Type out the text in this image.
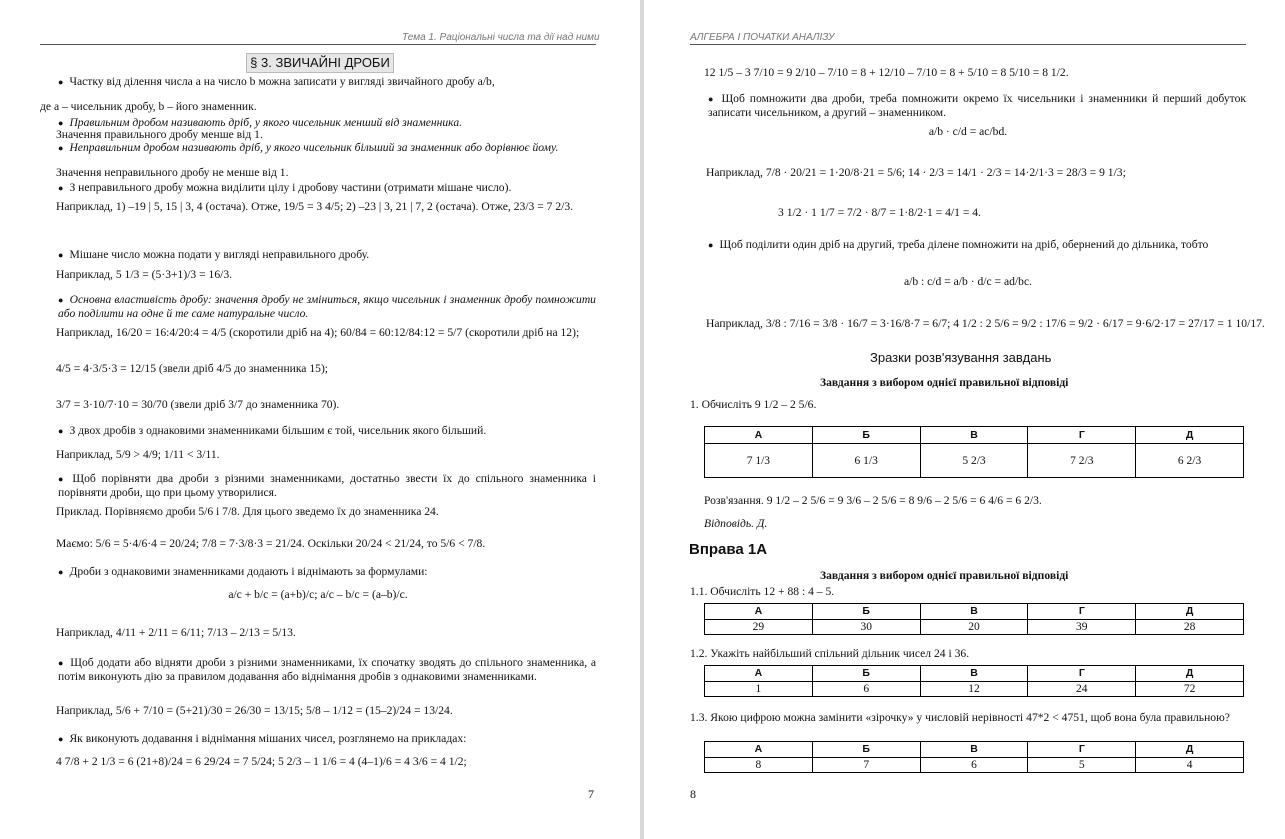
Тема 1. Раціональні числа та дії над ними
§ 3. ЗВИЧАЙНІ ДРОБИ
● Частку від ділення числа a на число b можна записати у вигляді звичайного дробу a/b,
де a – чисельник дробу, b – його знаменник.
● Правильним дробом називають дріб, у якого чисельник менший від знаменника.
Значення правильного дробу менше від 1.
● Неправильним дробом називають дріб, у якого чисельник більший за знаменник або дорівнює йому.
Значення неправильного дробу не менше від 1.
● З неправильного дробу можна виділити цілу і дробову частини (отримати мішане число).
Наприклад, 1) –19 | 5, 15 | 3, 4 (остача). Отже, 19/5 = 3 4/5; 2) –23 | 3, 21 | 7, 2 (остача). Отже, 23/3 = 7 2/3.
● Мішане число можна подати у вигляді неправильного дробу.
Наприклад, 5 1/3 = (5·3+1)/3 = 16/3.
● Основна властивість дробу: значення дробу не зміниться, якщо чисельник і знаменник дробу помножити або поділити на одне й те саме натуральне число.
Наприклад, 16/20 = 16:4/20:4 = 4/5 (скоротили дріб на 4); 60/84 = 60:12/84:12 = 5/7 (скоротили дріб на 12);
4/5 = 4·3/5·3 = 12/15 (звели дріб 4/5 до знаменника 15);
3/7 = 3·10/7·10 = 30/70 (звели дріб 3/7 до знаменника 70).
● З двох дробів з однаковими знаменниками більшим є той, чисельник якого більший.
Наприклад, 5/9 > 4/9; 1/11 < 3/11.
● Щоб порівняти два дроби з різними знаменниками, достатньо звести їх до спільного знаменника і порівняти дроби, що при цьому утворилися.
Приклад. Порівняємо дроби 5/6 і 7/8. Для цього зведемо їх до знаменника 24.
Маємо: 5/6 = 5·4/6·4 = 20/24; 7/8 = 7·3/8·3 = 21/24. Оскільки 20/24 < 21/24, то 5/6 < 7/8.
● Дроби з однаковими знаменниками додають і віднімають за формулами:
a/c + b/c = (a+b)/c; a/c – b/c = (a–b)/c.
Наприклад, 4/11 + 2/11 = 6/11; 7/13 – 2/13 = 5/13.
● Щоб додати або відняти дроби з різними знаменниками, їх спочатку зводять до спільного знаменника, а потім виконують дію за правилом додавання або віднімання дробів з однаковими знаменниками.
Наприклад, 5/6 + 7/10 = (5+21)/30 = 26/30 = 13/15; 5/8 – 1/12 = (15–2)/24 = 13/24.
● Як виконують додавання і віднімання мішаних чисел, розглянемо на прикладах:
4 7/8 + 2 1/3 = 6 (21+8)/24 = 6 29/24 = 7 5/24; 5 2/3 – 1 1/6 = 4 (4–1)/6 = 4 3/6 = 4 1/2;
7
АЛГЕБРА І ПОЧАТКИ АНАЛІЗУ
12 1/5 – 3 7/10 = 9 2/10 – 7/10 = 8 + 12/10 – 7/10 = 8 + 5/10 = 8 5/10 = 8 1/2.
● Щоб помножити два дроби, треба помножити окремо їх чисельники і знаменники й перший добуток записати чисельником, а другий – знаменником.
a/b · c/d = ac/bd.
Наприклад, 7/8 · 20/21 = 1·20/8·21 = 5/6; 14 · 2/3 = 14/1 · 2/3 = 14·2/1·3 = 28/3 = 9 1/3;
3 1/2 · 1 1/7 = 7/2 · 8/7 = 1·8/2·1 = 4/1 = 4.
● Щоб поділити один дріб на другий, треба ділене помножити на дріб, обернений до дільника, тобто
a/b : c/d = a/b · d/c = ad/bc.
Наприклад, 3/8 : 7/16 = 3/8 · 16/7 = 3·16/8·7 = 6/7; 4 1/2 : 2 5/6 = 9/2 : 17/6 = 9/2 · 6/17 = 9·6/2·17 = 27/17 = 1 10/17.
Зразки розв'язування завдань
Завдання з вибором однієї правильної відповіді
1. Обчисліть 9 1/2 – 2 5/6.
А	Б	В	Г	Д
7 1/3	6 1/3	5 2/3	7 2/3	6 2/3
Розв'язання. 9 1/2 – 2 5/6 = 9 3/6 – 2 5/6 = 8 9/6 – 2 5/6 = 6 4/6 = 6 2/3.
Відповідь. Д.
Вправа 1А
Завдання з вибором однієї правильної відповіді
1.1. Обчисліть 12 + 88 : 4 – 5.
А	Б	В	Г	Д
29	30	20	39	28
1.2. Укажіть найбільший спільний дільник чисел 24 і 36.
А	Б	В	Г	Д
1	6	12	24	72
1.3. Якою цифрою можна замінити «зірочку» у числовій нерівності 47*2 < 4751, щоб вона була правильною?
А	Б	В	Г	Д
8	7	6	5	4
8
